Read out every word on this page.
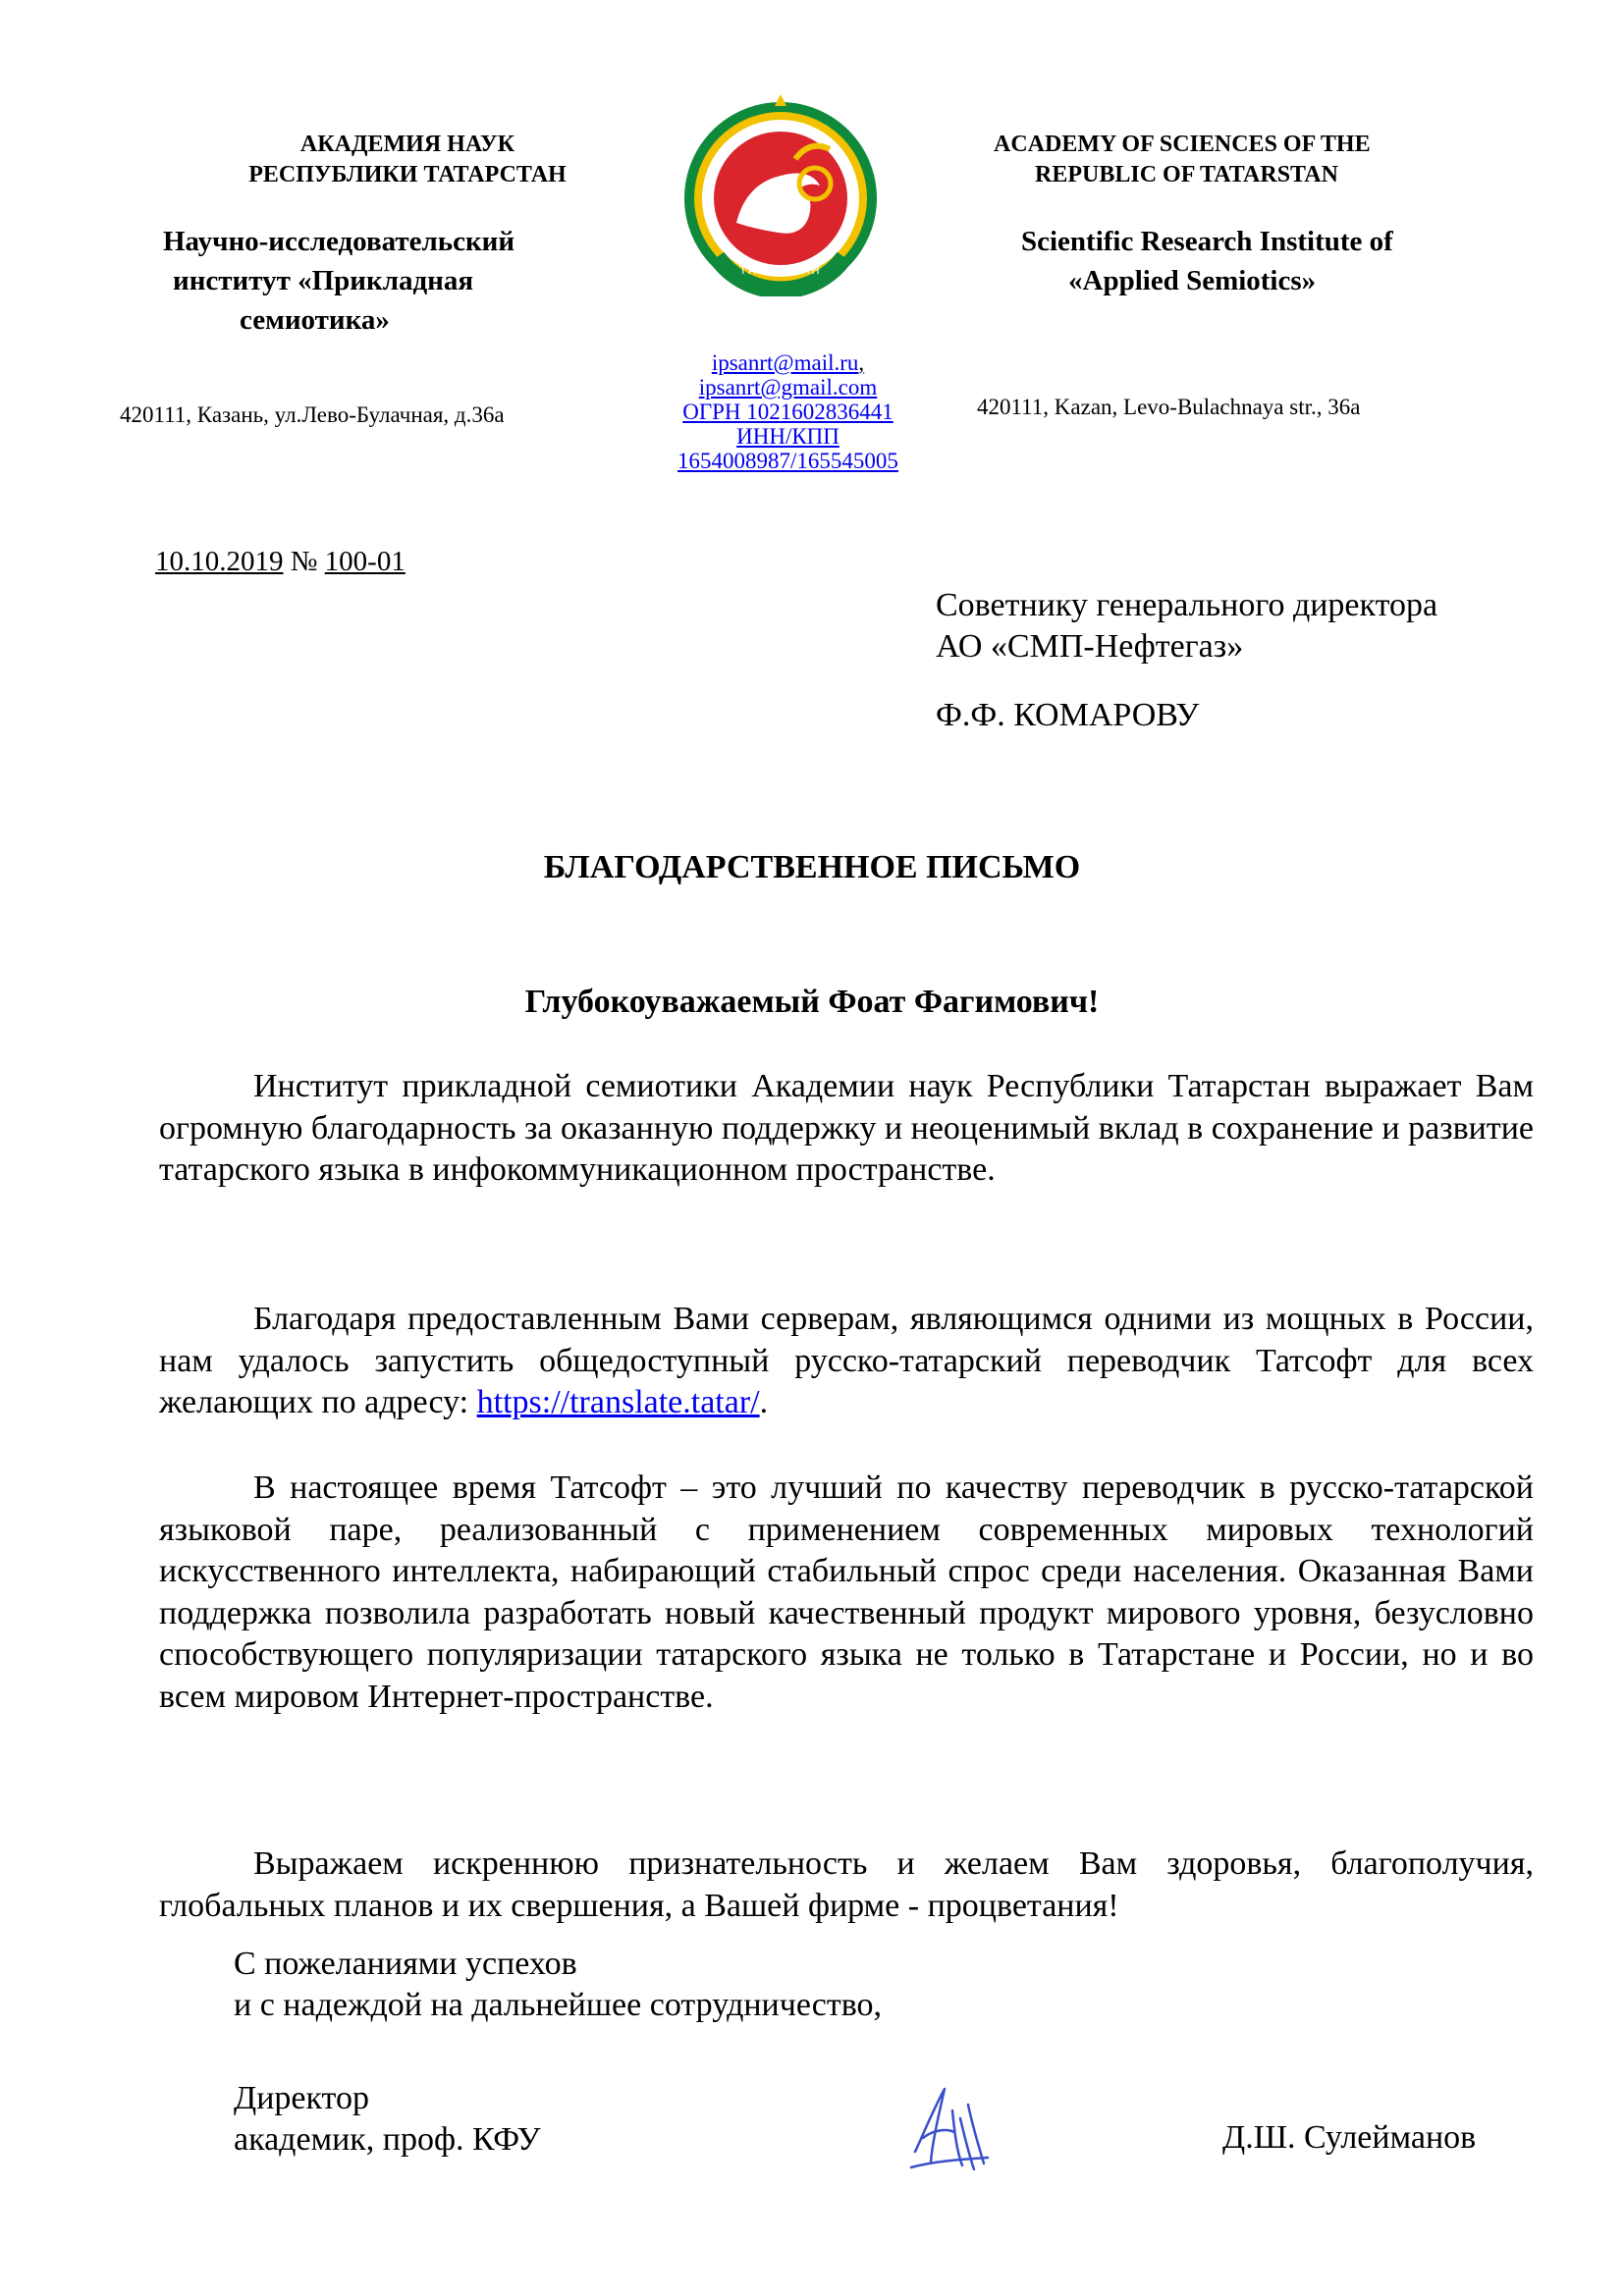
АКАДЕМИЯ НАУК
РЕСПУБЛИКИ ТАТАРСТАН
Научно-исследовательский
институт «Прикладная
семиотика»
420111, Казань, ул.Лево-Булачная, д.36а
ТАТАРСТАН
ipsanrt@mail.ru,
ipsanrt@gmail.com
ОГРН 1021602836441
ИНН/КПП
1654008987/165545005
ACADEMY OF SCIENCES OF THE
REPUBLIC OF TATARSTAN
Scientific Research Institute of
«Applied Semiotics»
420111, Kazan, Levo-Bulachnaya str., 36a
10.10.2019 № 100-01
Советнику генерального директора
АО «СМП-Нефтегаз»
Ф.Ф. КОМАРОВУ
БЛАГОДАРСТВЕННОЕ ПИСЬМО
Глубокоуважаемый Фоат Фагимович!
Институт прикладной семиотики Академии наук Республики Татарстан выражает Вам огромную благодарность за оказанную поддержку и неоценимый вклад в сохранение и развитие татарского языка в инфокоммуникационном пространстве.
Благодаря предоставленным Вами серверам, являющимся одними из мощных в России, нам удалось запустить общедоступный русско-татарский переводчик Татсофт для всех желающих по адресу: https://translate.tatar/.
В настоящее время Татсофт – это лучший по качеству переводчик в русско-татарской языковой паре, реализованный с применением современных мировых технологий искусственного интеллекта, набирающий стабильный спрос среди населения. Оказанная Вами поддержка позволила разработать новый качественный продукт мирового уровня, безусловно способствующего популяризации татарского языка не только в Татарстане и России, но и во всем мировом Интернет-пространстве.
Выражаем искреннюю признательность и желаем Вам здоровья, благополучия, глобальных планов и их свершения, а Вашей фирме - процветания!
С пожеланиями успехов
и с надеждой на дальнейшее сотрудничество,
Директор
академик, проф. КФУ	Д.Ш. Сулейманов
